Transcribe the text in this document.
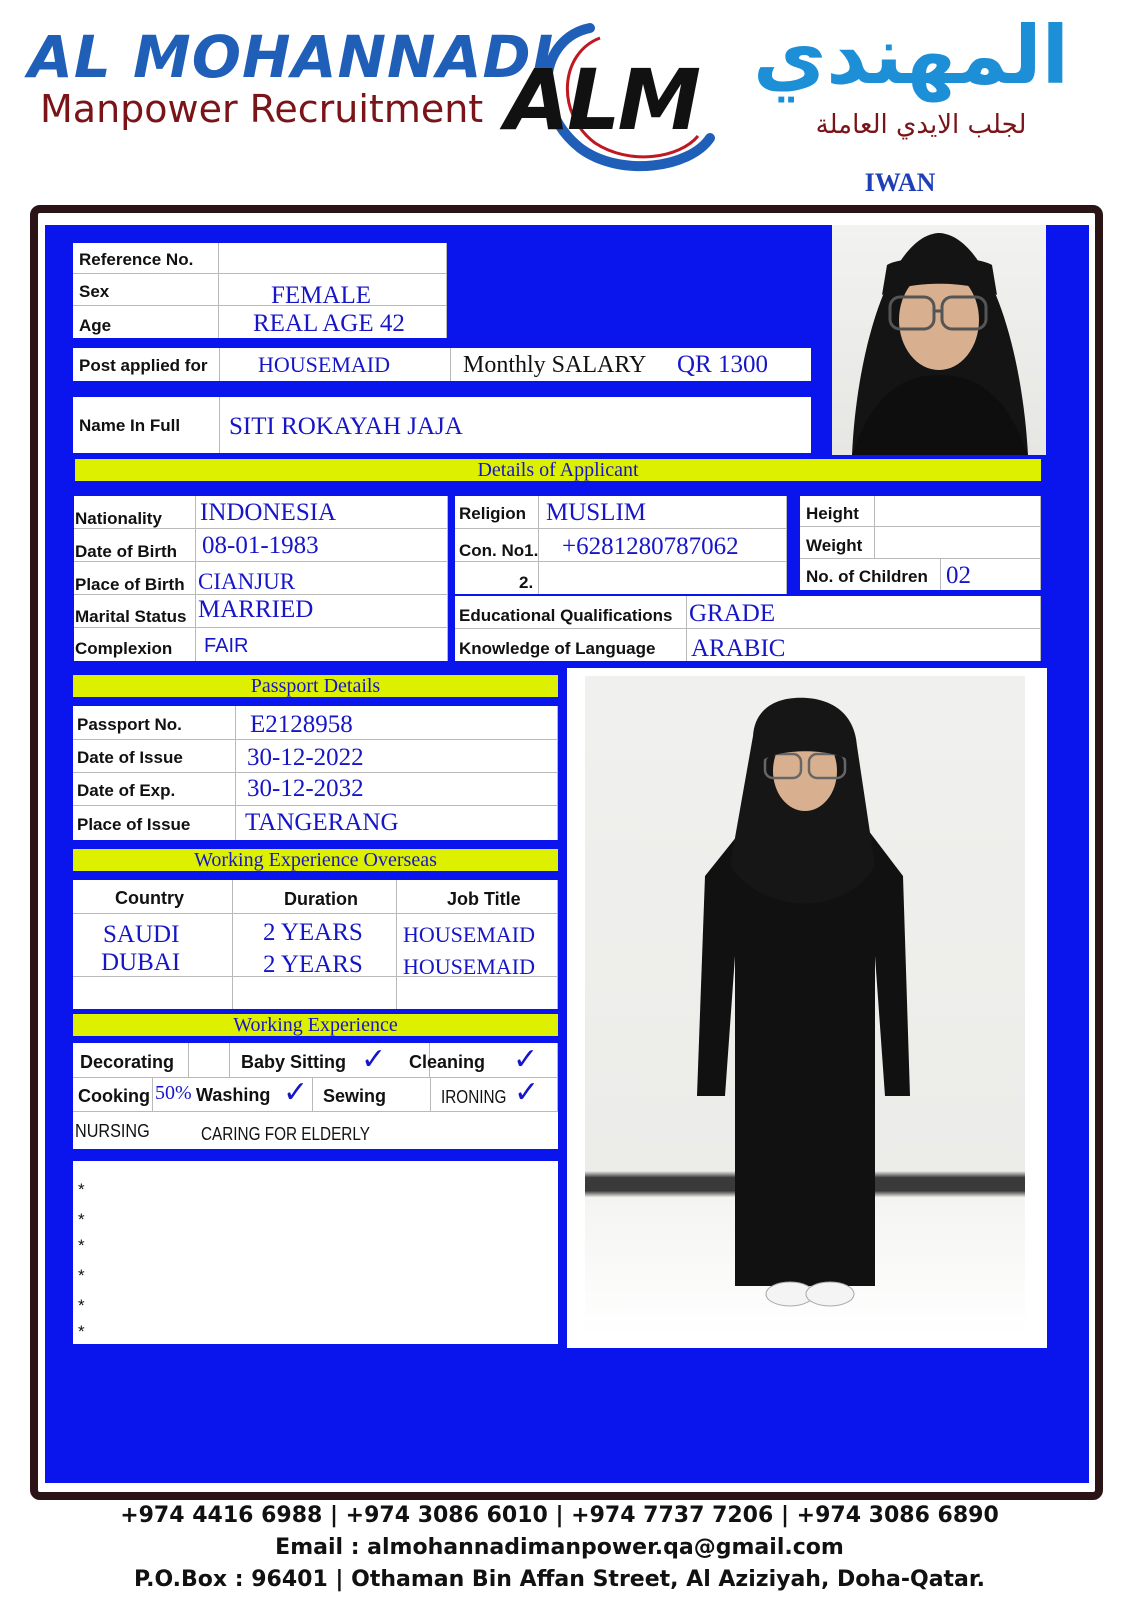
AL MOHANNADI
Manpower Recruitment ALM المهندي
لجلب الايدي العاملة
IWAN
Reference No.
Sex	FEMALE
Age	REAL AGE 42
Post applied for HOUSEMAID	Monthly SALARY QR 1300
Name In Full SITI ROKAYAH JAJA
Details of Applicant
Nationality INDONESIA
Date of Birth 08-01-1983
Place of Birth CIANJUR
Marital Status MARRIED
Complexion FAIR
Religion MUSLIM
Con. No1. +6281280787062
2.
Height
Weight
No. of Children 02
Educational Qualifications GRADE
Knowledge of Language ARABIC
Passport Details
Passport No.	E2128958
Date of Issue	30-12-2022
Date of Exp.	30-12-2032
Place of Issue TANGERANG
Working Experience Overseas
Country	Duration	Job Title
SAUDI	2 YEARS HOUSEMAID
DUBAI	2 YEARS HOUSEMAID
Working Experience
Decorating	Baby Sitting ✓ Cleaning ✓
Cooking 50% Washing ✓ Sewing	IRONING ✓
NURSING	CARING FOR ELDERLY
*
*
*
*
*
*
+974 4416 6988 | +974 3086 6010 | +974 7737 7206 | +974 3086 6890
Email : almohannadimanpower.qa@gmail.com
P.O.Box : 96401 | Othaman Bin Affan Street, Al Aziziyah, Doha-Qatar.
